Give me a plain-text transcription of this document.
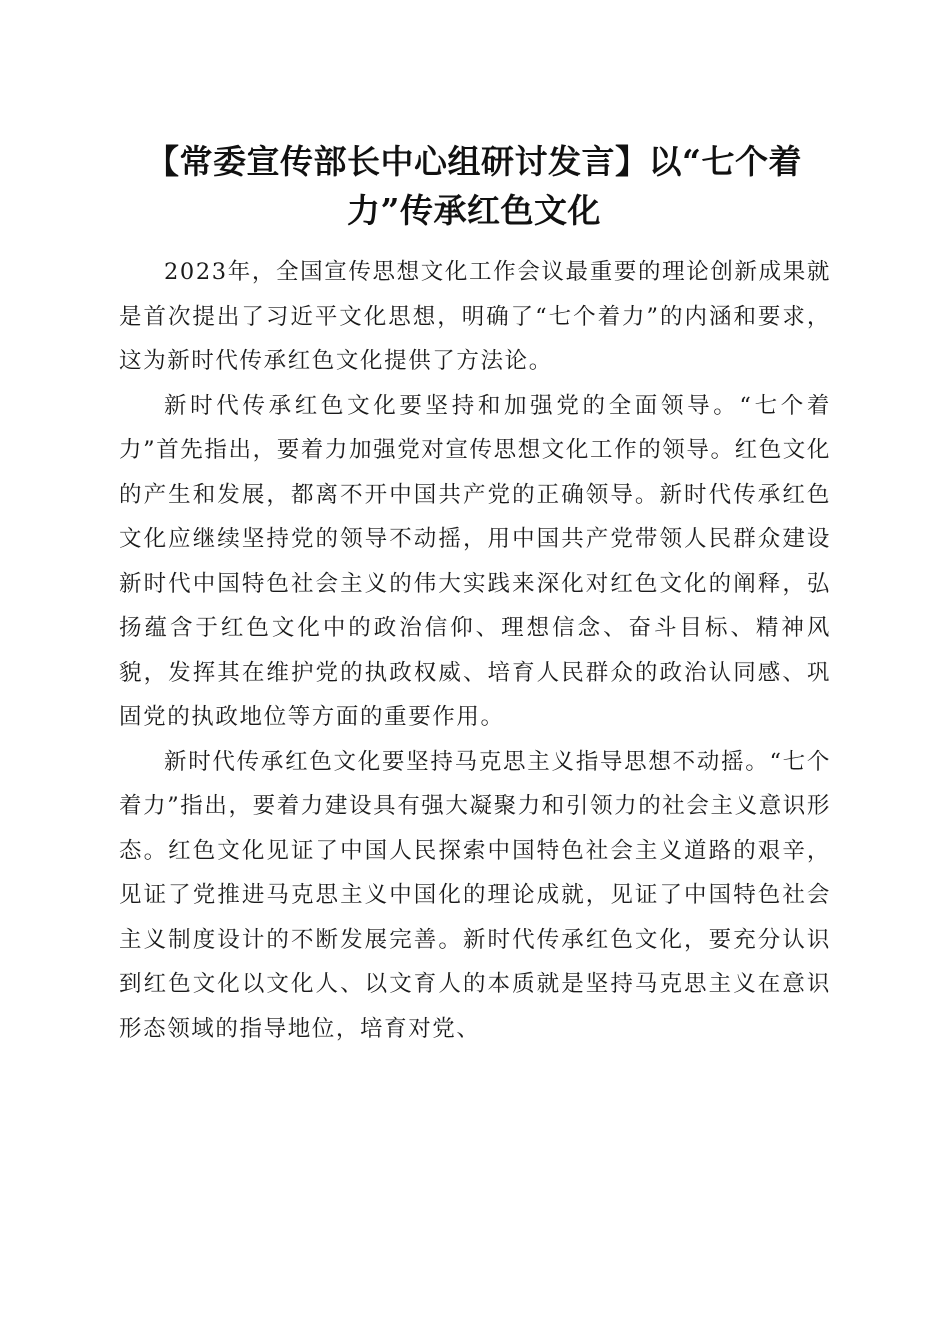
【常委宣传部长中心组研讨发言】以“七个着力”传承红色文化

2023年，全国宣传思想文化工作会议最重要的理论创新成果就是首次提出了习近平文化思想，明确了“七个着力”的内涵和要求，这为新时代传承红色文化提供了方法论。

新时代传承红色文化要坚持和加强党的全面领导。“七个着力”首先指出，要着力加强党对宣传思想文化工作的领导。红色文化的产生和发展，都离不开中国共产党的正确领导。新时代传承红色文化应继续坚持党的领导不动摇，用中国共产党带领人民群众建设新时代中国特色社会主义的伟大实践来深化对红色文化的阐释，弘扬蕴含于红色文化中的政治信仰、理想信念、奋斗目标、精神风貌，发挥其在维护党的执政权威、培育人民群众的政治认同感、巩固党的执政地位等方面的重要作用。

新时代传承红色文化要坚持马克思主义指导思想不动摇。“七个着力”指出，要着力建设具有强大凝聚力和引领力的社会主义意识形态。红色文化见证了中国人民探索中国特色社会主义道路的艰辛，见证了党推进马克思主义中国化的理论成就，见证了中国特色社会主义制度设计的不断发展完善。新时代传承红色文化，要充分认识到红色文化以文化人、以文育人的本质就是坚持马克思主义在意识形态领域的指导地位，培育对党、
